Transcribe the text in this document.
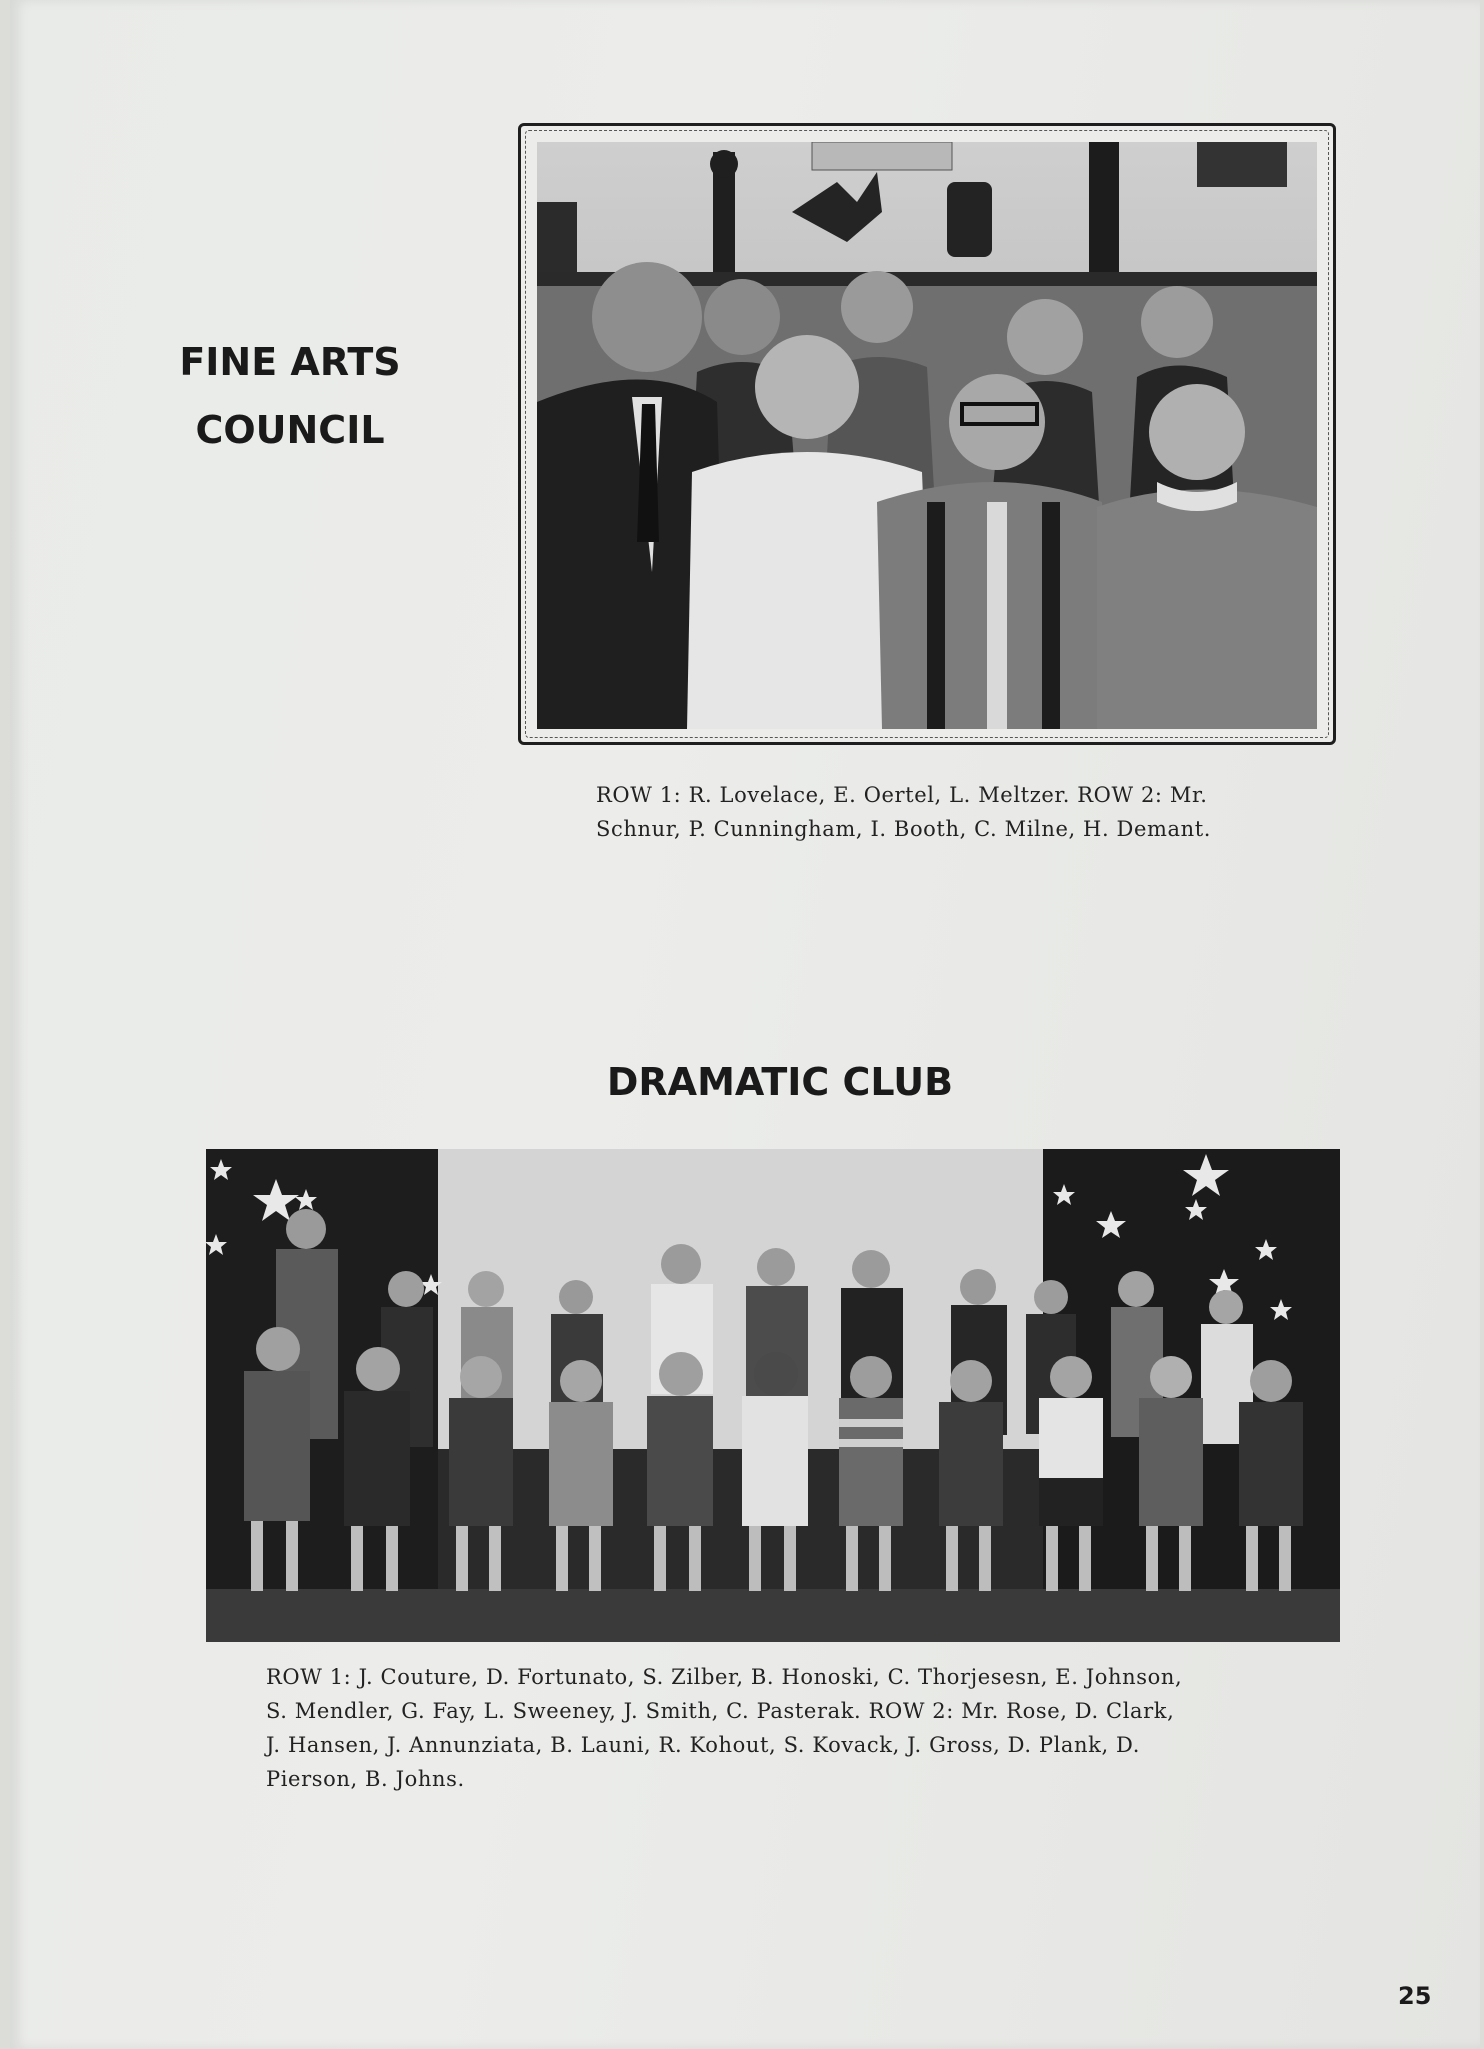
FINE ARTS
COUNCIL
ROW 1: R. Lovelace, E. Oertel, L. Meltzer. ROW 2: Mr.
Schnur, P. Cunningham, I. Booth, C. Milne, H. Demant.
DRAMATIC CLUB
ROW 1: J. Couture, D. Fortunato, S. Zilber, B. Honoski, C. Thorjesesn, E. Johnson,
S. Mendler, G. Fay, L. Sweeney, J. Smith, C. Pasterak. ROW 2: Mr. Rose, D. Clark,
J. Hansen, J. Annunziata, B. Launi, R. Kohout, S. Kovack, J. Gross, D. Plank, D.
Pierson, B. Johns.
25
